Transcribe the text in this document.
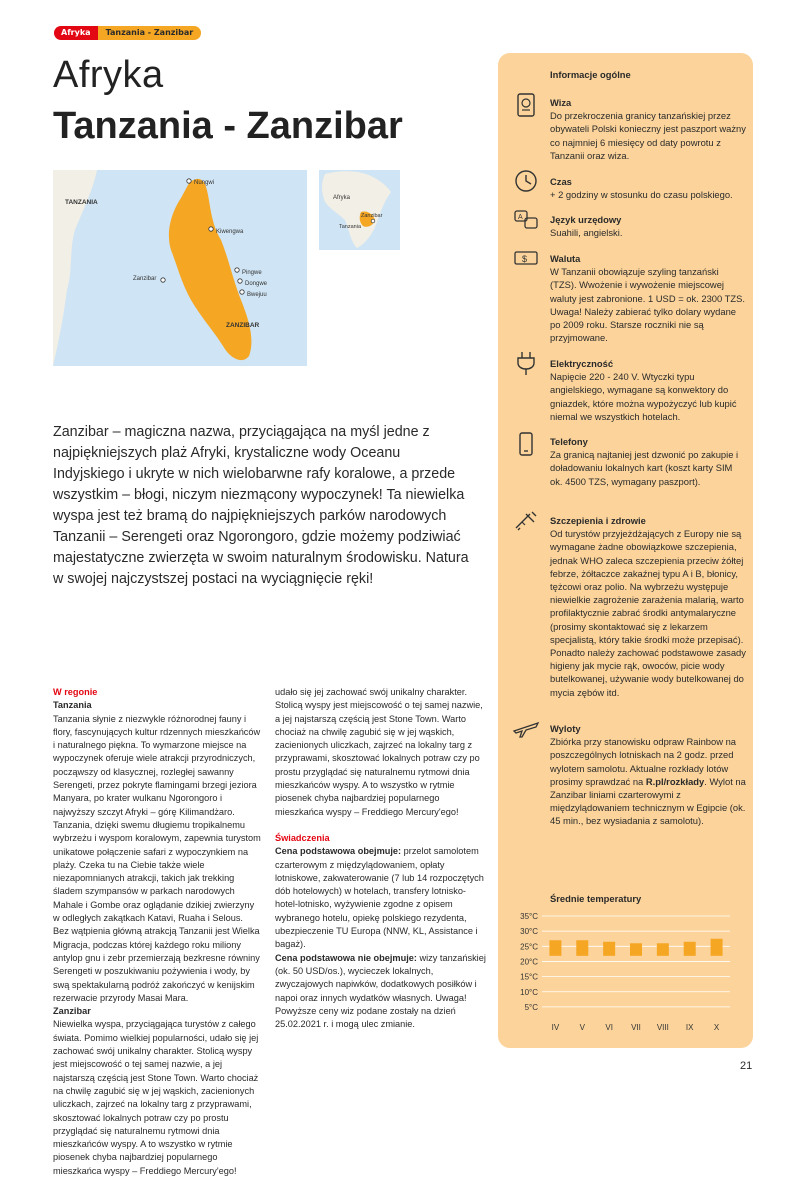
Afryka	Tanzania - Zanzibar
Afryka
Tanzania - Zanzibar
TANZANIA
ZANZIBAR
Nungwi
Kiwengwa
Zanzibar
Pingwe
Dongwe
Bwejuu
Afryka
Zanzibar
Tanzania
Zanzibar – magiczna nazwa, przyciągająca na myśl jedne z najpiękniejszych plaż Afryki, krystaliczne wody Oceanu Indyjskiego i ukryte w nich wielobarwne rafy koralowe, a przede wszystkim – błogi, niczym niezmącony wypoczynek! Ta niewielka wyspa jest też bramą do najpiękniejszych parków narodowych Tanzanii – Serengeti oraz Ngorongoro, gdzie możemy podziwiać majestatyczne zwierzęta w swoim naturalnym środowisku. Natura w swojej najczystszej postaci na wyciągnięcie ręki!
W regonie
Tanzania
Tanzania słynie z niezwykle różnorodnej fauny i flory, fascynujących kultur rdzennych mieszkańców i naturalnego piękna. To wymarzone miejsce na wypoczynek oferuje wiele atrakcji przyrodniczych, począwszy od klasycznej, rozległej sawanny Serengeti, przez pokryte flamingami brzegi jeziora Manyara, po krater wulkanu Ngorongoro i najwyższy szczyt Afryki – górę Kilimandżaro. Tanzania, dzięki swemu długiemu tropikalnemu wybrzeżu i wyspom koralowym, zapewnia turystom unikatowe połączenie safari z wypoczynkiem na plaży. Czeka tu na Ciebie także wiele niezapomnianych atrakcji, takich jak trekking śladem szympansów w parkach narodowych Mahale i Gombe oraz oglądanie dzikiej zwierzyny w odległych zakątkach Katavi, Ruaha i Selous. Bez wątpienia główną atrakcją Tanzanii jest Wielka Migracja, podczas której każdego roku miliony antylop gnu i zebr przemierzają bezkresne równiny Serengeti w poszukiwaniu pożywienia i wody, by swą spektakularną podróż zakończyć w kenijskim rezerwacie przyrody Masai Mara.
Zanzibar
Niewielka wyspa, przyciągająca turystów z całego świata. Pomimo wielkiej popularności, udało się jej zachować swój unikalny charakter. Stolicą wyspy jest miejscowość o tej samej nazwie, a jej najstarszą częścią jest Stone Town. Warto chociaż na chwilę zagubić się w jej wąskich, zacienionych uliczkach, zajrzeć na lokalny targ z przyprawami, skosztować lokalnych potraw czy po prostu przyglądać się naturalnemu rytmowi dnia mieszkańców wyspy. A to wszystko w rytmie piosenek chyba najbardziej popularnego mieszkańca wyspy – Freddiego Mercury'ego!
udało się jej zachować swój unikalny charakter. Stolicą wyspy jest miejscowość o tej samej nazwie, a jej najstarszą częścią jest Stone Town. Warto chociaż na chwilę zagubić się w jej wąskich, zacienionych uliczkach, zajrzeć na lokalny targ z przyprawami, skosztować lokalnych potraw czy po prostu przyglądać się naturalnemu rytmowi dnia mieszkańców wyspy. A to wszystko w rytmie piosenek chyba najbardziej popularnego mieszkańca wyspy – Freddiego Mercury'ego!
Świadczenia
Cena podstawowa obejmuje: przelot samolotem czarterowym z międzylądowaniem, opłaty lotniskowe, zakwaterowanie (7 lub 14 rozpoczętych dób hotelowych) w hotelach, transfery lotnisko-hotel-lotnisko, wyżywienie zgodne z opisem wybranego hotelu, opiekę polskiego rezydenta, ubezpieczenie TU Europa (NNW, KL, Assistance i bagaż).
Cena podstawowa nie obejmuje: wizy tanzańskiej (ok. 50 USD/os.), wycieczek lokalnych, zwyczajowych napiwków, dodatkowych posiłków i napoi oraz innych wydatków własnych. Uwaga! Powyższe ceny wiz podane zostały na dzień 25.02.2021 r. i mogą ulec zmianie.
Informacje ogólne
Wiza
Do przekroczenia granicy tanzańskiej przez obywateli Polski konieczny jest paszport ważny co najmniej 6 miesięcy od daty powrotu z Tanzanii oraz wiza.
Czas
+ 2 godziny w stosunku do czasu polskiego.
A	Język urzędowy
Suahili, angielski.
$ Waluta
W Tanzanii obowiązuje szyling tanzański (TZS). Wwożenie i wywożenie miejscowej waluty jest zabronione. 1 USD = ok. 2300 TZS. Uwaga! Należy zabierać tylko dolary wydane po 2009 roku. Starsze roczniki nie są przyjmowane.
Elektryczność
Napięcie 220 - 240 V. Wtyczki typu angielskiego, wymagane są konwektory do gniazdek, które można wypożyczyć lub kupić niemal we wszystkich hotelach.
Telefony
Za granicą najtaniej jest dzwonić po zakupie i doładowaniu lokalnych kart (koszt karty SIM ok. 4500 TZS, wymagany paszport).
Szczepienia i zdrowie
Od turystów przyjeżdżających z Europy nie są wymagane żadne obowiązkowe szczepienia, jednak WHO zaleca szczepienia przeciw żółtej febrze, żółtaczce zakaźnej typu A i B, błonicy, tężcowi oraz polio. Na wybrzeżu występuje niewielkie zagrożenie zarażenia malarią, warto profilaktycznie zabrać środki antymalaryczne (prosimy skontaktować się z lekarzem specjalistą, który takie środki może przepisać). Ponadto należy zachować podstawowe zasady higieny jak mycie rąk, owoców, picie wody butelkowanej, używanie wody butelkowanej do mycia zębów itd.
Wyloty
Zbiórka przy stanowisku odpraw Rainbow na poszczególnych lotniskach na 2 godz. przed wylotem samolotu. Aktualne rozkłady lotów prosimy sprawdzać na R.pl/rozkłady. Wylot na Zanzibar liniami czarterowymi z międzylądowaniem technicznym w Egipcie (ok. 45 min., bez wysiadania z samolotu).
Średnie temperatury
35°C
30°C
25°C
20°C
15°C
10°C
5°C
IV	V	VI VII VIII IX	X
21
